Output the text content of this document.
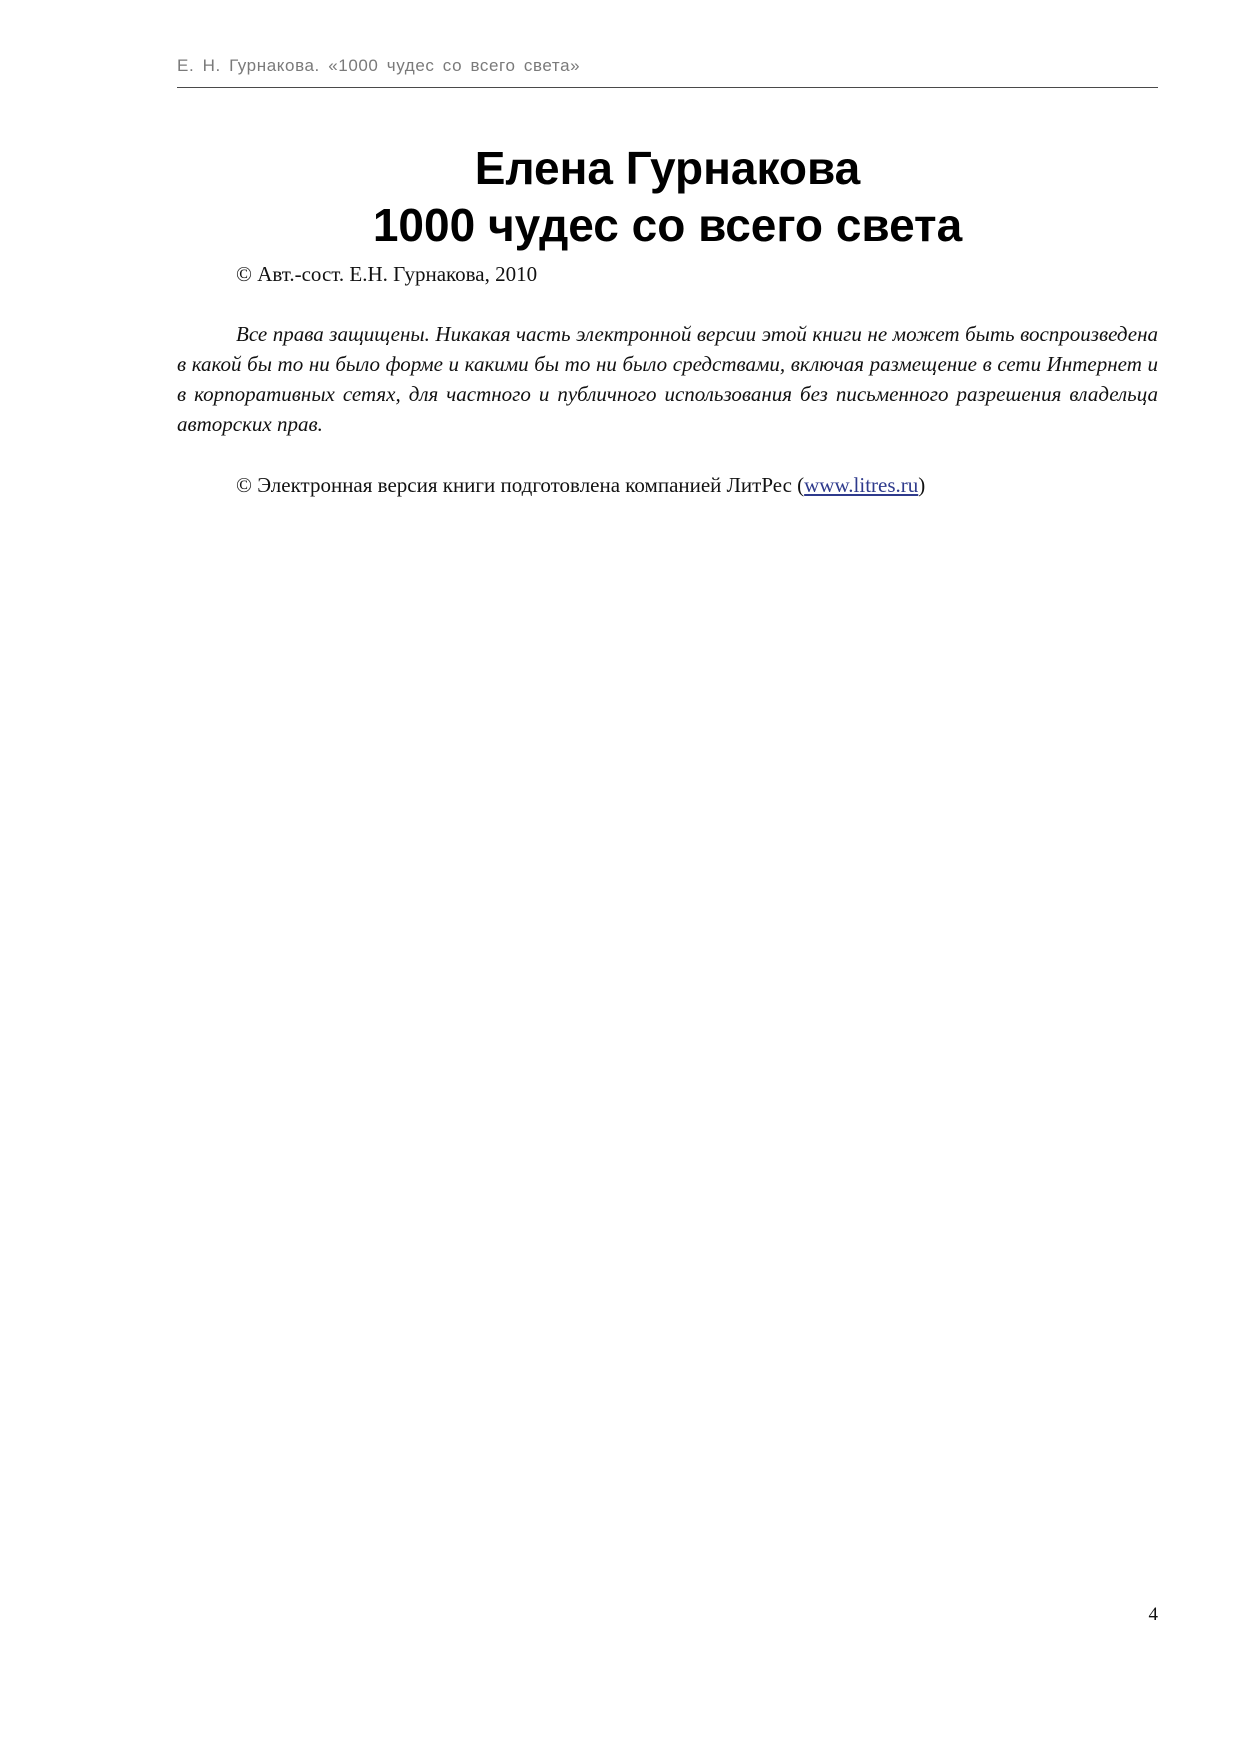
Е. Н. Гурнакова. «1000 чудес со всего света»
Елена Гурнакова
1000 чудес со всего света
© Авт.-сост. Е.Н. Гурнакова, 2010

Все права защищены. Никакая часть электронной версии этой книги не может быть воспроизведена в какой бы то ни было форме и какими бы то ни было средствами, включая размещение в сети Интернет и в корпоративных сетях, для частного и публичного использования без письменного разрешения владельца авторских прав.

© Электронная версия книги подготовлена компанией ЛитРес (www.litres.ru)
4
